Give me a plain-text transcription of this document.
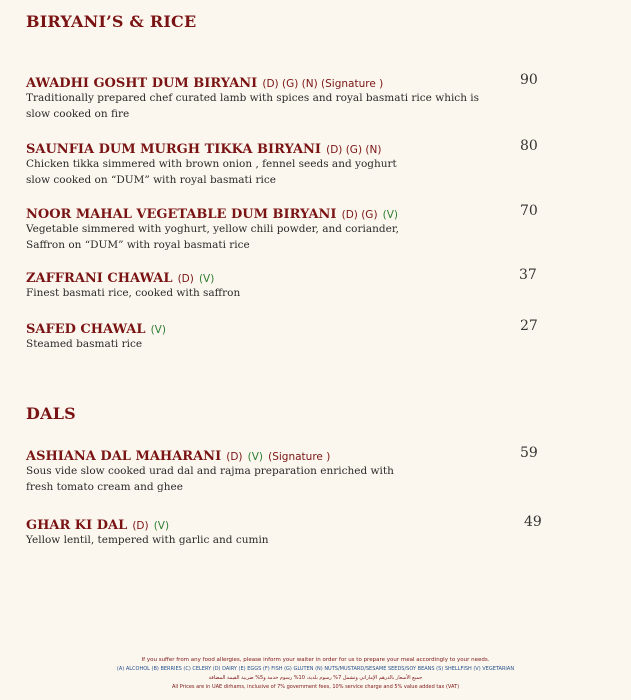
BIRYANI’S & RICE
AWADHI GOSHT DUM BIRYANI (D) (G) (N) (Signature )	90
Traditionally prepared chef curated lamb with spices and royal basmati rice which is
slow cooked on fire
SAUNFIA DUM MURGH TIKKA BIRYANI (D) (G) (N)	80
Chicken tikka simmered with brown onion , fennel seeds and yoghurt
slow cooked on “DUM” with royal basmati rice
NOOR MAHAL VEGETABLE DUM BIRYANI (D) (G) (V)	70
Vegetable simmered with yoghurt, yellow chili powder, and coriander,
Saffron on “DUM” with royal basmati rice
ZAFFRANI CHAWAL (D) (V)	37
Finest basmati rice, cooked with saffron
SAFED CHAWAL (V)	27
Steamed basmati rice
DALS
ASHIANA DAL MAHARANI (D) (V) (Signature )	59
Sous vide slow cooked urad dal and rajma preparation enriched with
fresh tomato cream and ghee
GHAR KI DAL (D) (V)	49
Yellow lentil, tempered with garlic and cumin
If you suffer from any food allergies, please inform your waiter in order for us to prepare your meal accordingly to your needs.
(A) ALCOHOL (B) BERRIES (C) CELERY (D) DAIRY (E) EGGS (F) FISH (G) GLUTEN (N) NUTS/MUSTARD/SESAME SEEDS/SOY BEANS (S) SHELLFISH (V) VEGETARIAN
جميع الأسعار بالدرهم الإماراتي وتشمل 7% رسوم بلدية، 10% رسوم خدمة و5% ضريبة القيمة المضافة
All Prices are in UAE dirhams, inclusive of 7% government fees, 10% service charge and 5% value added tax (VAT)
